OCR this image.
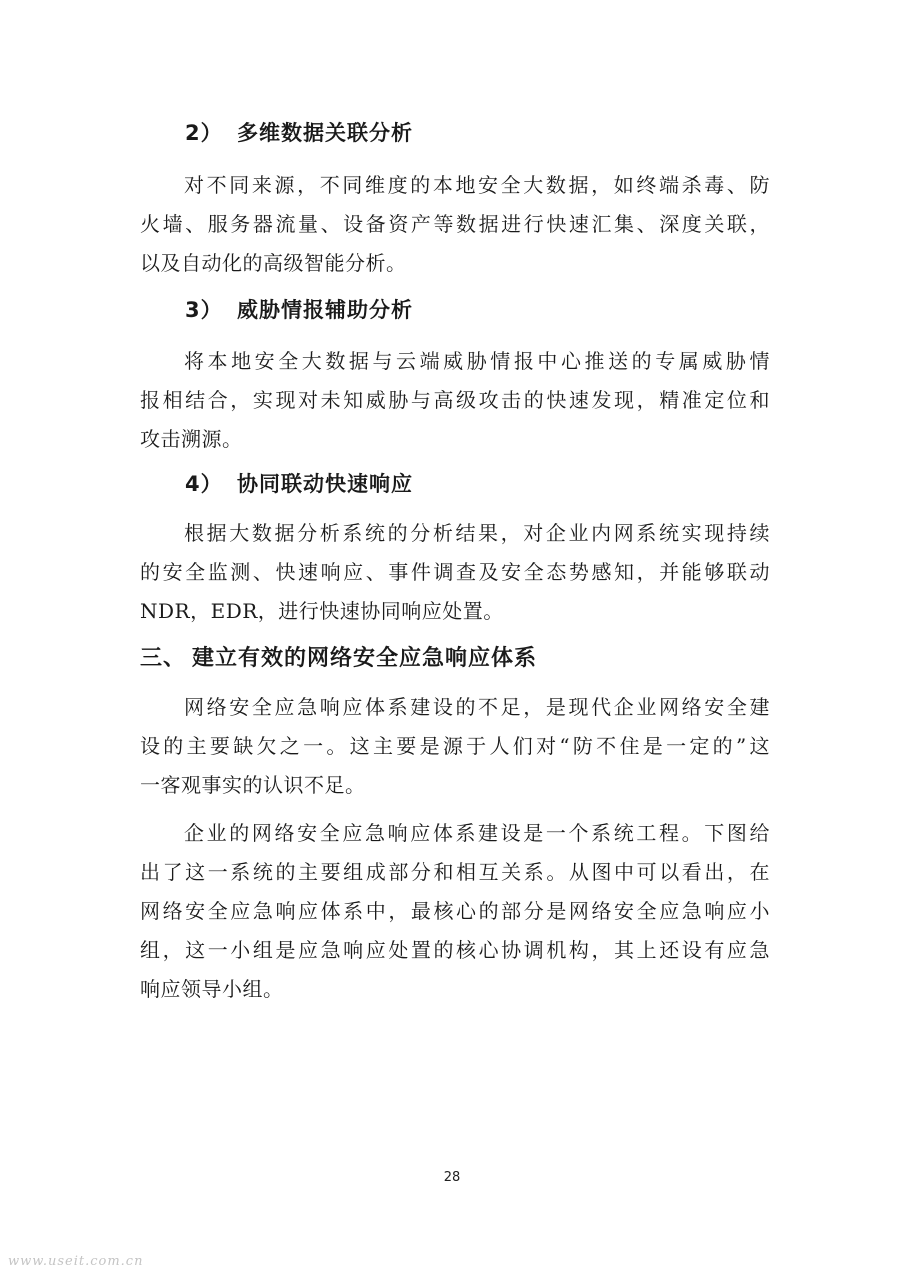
2） 多维数据关联分析
对不同来源，不同维度的本地安全大数据，如终端杀毒、防
火墙、服务器流量、设备资产等数据进行快速汇集、深度关联，
以及自动化的高级智能分析。
3） 威胁情报辅助分析
将本地安全大数据与云端威胁情报中心推送的专属威胁情
报相结合，实现对未知威胁与高级攻击的快速发现，精准定位和
攻击溯源。
4） 协同联动快速响应
根据大数据分析系统的分析结果，对企业内网系统实现持续
的安全监测、快速响应、事件调查及安全态势感知，并能够联动
NDR，EDR，进行快速协同响应处置。
三、 建立有效的网络安全应急响应体系
网络安全应急响应体系建设的不足，是现代企业网络安全建
设的主要缺欠之一。这主要是源于人们对“防不住是一定的”这
一客观事实的认识不足。
企业的网络安全应急响应体系建设是一个系统工程。下图给
出了这一系统的主要组成部分和相互关系。从图中可以看出，在
网络安全应急响应体系中，最核心的部分是网络安全应急响应小
组，这一小组是应急响应处置的核心协调机构，其上还设有应急
响应领导小组。
28
www.useit.com.cn
